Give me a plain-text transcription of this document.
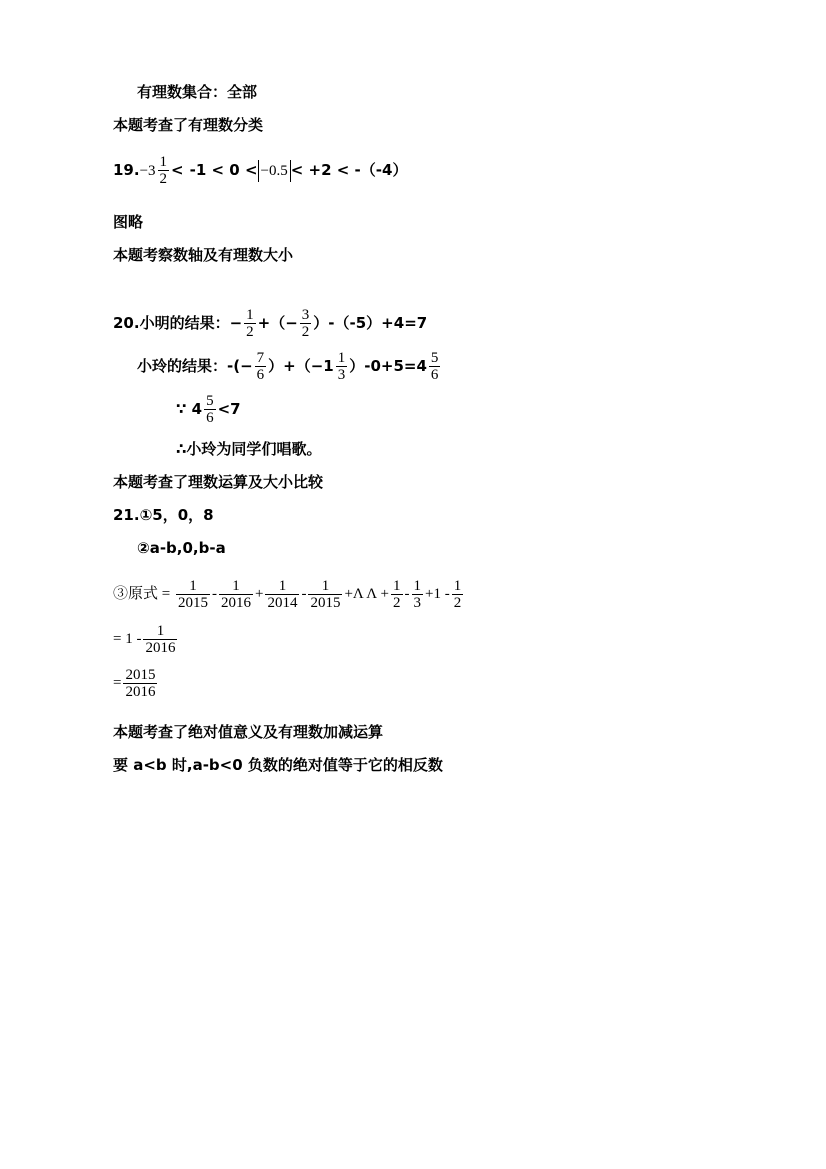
有理数集合：全部
本题考查了有理数分类
$19.-3 \frac{1}{2} < -1 < 0 < -0.5 < +2 < -(-4)$
图略
本题考察数轴及有理数大小
20.小明的结果：− $\frac{1}{2}$ +（− $\frac{3}{2} )-(-5)+4=7$
小玲的结果：-(− $\frac{7}{6} )+(-1 \frac{1}{3} )-0+5=4 \frac{5}{6}$
∵ $4 \frac{5}{6} <7$
∴小玲为同学们唱歌。
本题考查了理数运算及大小比较
21.①5，0，8
②a-b,0,b-a
③原式 = $\frac{1}{2015} - \frac{1}{2016} + \frac{1}{2014} - \frac{1}{2015} +\Lambda$ $\Lambda + \frac{1}{2} - \frac{1}{3} +1 - \frac{1}{2}$
= $1 - \frac{1}{2016}$
= $\frac{2015}{2016}$
本题考查了绝对值意义及有理数加减运算
要 a<b 时,a-b<0 负数的绝对值等于它的相反数
